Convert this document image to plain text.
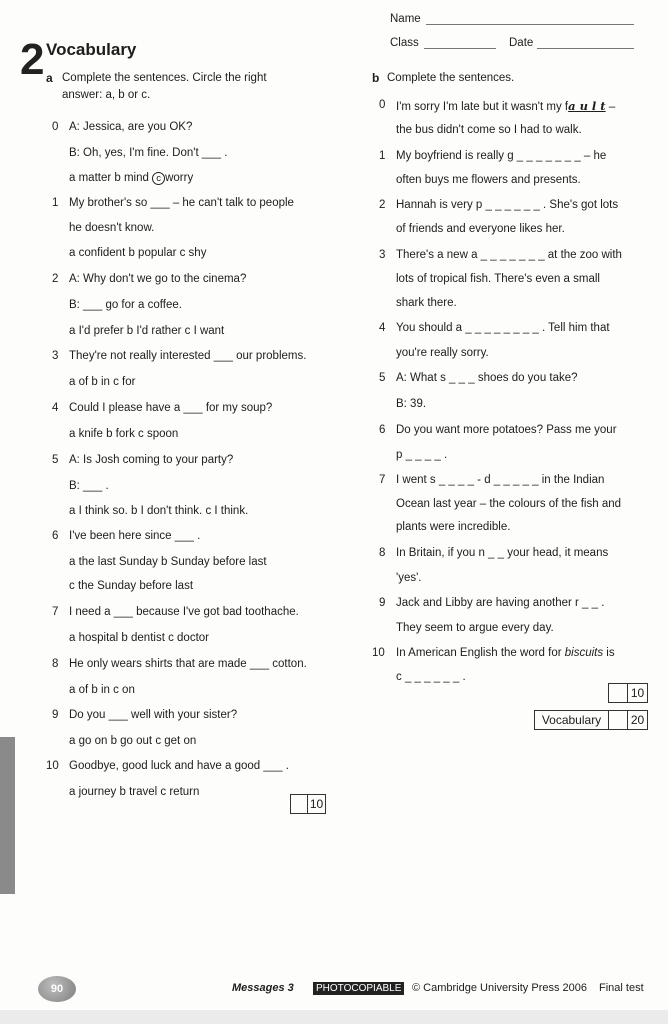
Name
Class	Date
2 Vocabulary
a Complete the sentences. Circle the right
answer: a, b or c.
0 A: Jessica, are you OK?
B: Oh, yes, I'm fine. Don't ___ .
a matter b mind c worry
1 My brother's so ___ – he can't talk to people
he doesn't know.
a confident b popular c shy
2 A: Why don't we go to the cinema?
B: ___ go for a coffee.
a I'd prefer b I'd rather c I want
3 They're not really interested ___ our problems.
a of b in c for
4 Could I please have a ___ for my soup?
a knife b fork c spoon
5 A: Is Josh coming to your party?
B: ___ .
a I think so. b I don't think. c I think.
6 I've been here since ___ .
a the last Sunday b Sunday before last
c the Sunday before last
7 I need a ___ because I've got bad toothache.
a hospital b dentist c doctor
8 He only wears shirts that are made ___ cotton.
a of b in c on
9 Do you ___ well with your sister?
a go on b go out c get on
10 Goodbye, good luck and have a good ___ .
a journey b travel c return
10
b Complete the sentences.
0 I'm sorry I'm late but it wasn't my fa u l t –
the bus didn't come so I had to walk.
1 My boyfriend is really g _ _ _ _ _ _ _ – he
often buys me flowers and presents.
2 Hannah is very p _ _ _ _ _ _ . She's got lots
of friends and everyone likes her.
3 There's a new a _ _ _ _ _ _ _ at the zoo with
lots of tropical fish. There's even a small
shark there.
4 You should a _ _ _ _ _ _ _ _ . Tell him that
you're really sorry.
5 A: What s _ _ _ shoes do you take?
B: 39.
6 Do you want more potatoes? Pass me your
p _ _ _ _ .
7 I went s _ _ _ _ - d _ _ _ _ _ in the Indian
Ocean last year – the colours of the fish and
plants were incredible.
8 In Britain, if you n _ _ your head, it means
'yes'.
9 Jack and Libby are having another r _ _ .
They seem to argue every day.
10 In American English the word for biscuits is
c _ _ _ _ _ _ .
10
Vocabulary	20
90	Messages 3	PHOTOCOPIABLE © Cambridge University Press 2006 Final test
